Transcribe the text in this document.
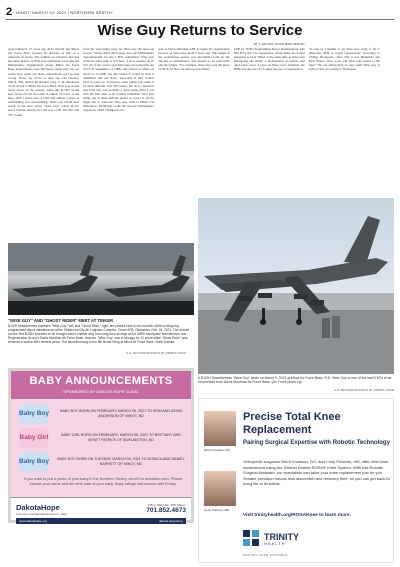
2 MINOT, MARCH 19, 2021 | NORTHERN SENTRY
Wise Guy Returns to Service
BY T. WILSON, NORTHERN SENTRY

Approximately 13 years ago B-52 60-034 left Minot Air Force Base, headed for Arizona as part of a reduction in forces. The rumbles of airframes that had the same destiny as Wise Guy numbered to become the Maintenance Organization group. Minot Air Force Base. Expectations were that these planes may not see active duty again, but those expectations were proven wrong. Never say never as they say. On Tuesday, March 16th, almost 40 minutes early of an announced 13:30 arrival at Minot Air Force Base, Wise Guy would touch down on the runway when this B-52H would have flown for the first time in almost 20 years, at the base. With a fresh coat of paint and almost 3 years of refurbishing and modernizing, Wise Guy would now enroll in the once active "Stew bars" where B-52's stood sentinel during the cold war of the late 60's and 70's. Aside

from the welcoming party for Wise Guy the area was secure. "Wing Chiefs McCoskey, now the Maintenance Superintendent for the 5 BW, remembers Wise Guy from the other time it was here. 'I have worked on B-52's all of my career' says McCoskey he joined the Air Force in September of 1988, and arrived at Minot on April 1st of 2000. For McCoskey, it would be hard to remember just one B-52, 'especially if they weren't hard to work on. You know, some planes just seem to be more difficult' says McCoskey, but he is convinced that Wise Guy was probably a 'good plane when it was here the first time' as he couldn't remember Wise Guy being one of those difficult planes to work on. On the flight line to welcome Wise Guy back to Minot was Matt Rose, Thompson of the 5th Aircraft Maintenance Squadron, Chief Thompson was

sent to Davis-Monthan AFB to begin the regeneration process on Wise Guy about 2 years ago. The length of the reclamation period was determined both by the amount of maintenance that needed to be performed and the budget. "For example, Wise Guy took the place of the B-52 that was destroyed at Tinker

AFB for TDM (Programmed Depot Maintenance). The first B-52 that was regenerated, Ghost Rider. Its closest happened to be at Tinker at the same time as Wise Guy undergoing the PDM, a maintenance procedure that takes place every 4 years. In Wise Guy's situation, the PDM was the end of a 3-stage process of regeneration.

"It took us 3 months to get Wise Guy ready to fly to Barksdale AFB to begin regeneration" according to CMSgt Thompson, "after that it was Barksdale and then Tinker." How soon will Wise Guy return to the fleet? 'We are anticipating 21 days until Wise Guy is back on line' according to Thompson.

A B-52H Stratofortress "Wise Guy" lands on March 9, 2021 at Minot Air Force Base, N.D. Wise Guy is one of the last B-52's to be resurrected from Davis-Monthan Air Force Base. (Air Force photo by)
U.S. AIR FORCE PHOTO BY CMSGT ANON
"WISE GUY" AND "GHOST RIDER" MEET AT TINKER
B-52H Stratofortress bombers "Wise Guy," left, and "Ghost Rider," right, are parked next to one another while undergoing programmed depot maintenance at the Oklahoma City Air Logistics Complex, Tinker AFB, Oklahoma, Feb. 26, 2021. The aircraft are the first B-52H bombers to be brought back to active duty from long-term storage at the 309th Aerospace Maintenance and Regeneration Group's Davis-Monthan Air Force Base, Arizona. "Wise Guy" was in storage for 10 years while "Ghost Rider" was returned to active after several years. The aircraft belong to the 5th Bomb Wing at Minot Air Force Base, North Dakota.
U.S. AIR FORCE PHOTO BY CMSGT ANON
BABY ANNOUNCEMENTS
SPONSORED BY DAKOTA HOPE CLINIC
Baby Boy	BABY BOY BORN ON FEBRUARY, MARCH 05, 2021 TO ERIN AND DEVIN ANDERSON OF MINOT, ND
Baby Girl	BABY GIRL BORN ON FEBRUARY, MARCH 06, 2021 TO BRITTANY AND WYATT PATRICK OF BURLINGTON, ND
Baby Boy	BABY BOY BORN ON TUESDAY, MARCH 09, 2021 TO JESSICA AND DANIEL BARRETT OF MINOT, ND
If you want to put a photo of your baby in the Northern Sentry, send it to minotdhc.com. Please include your name and the birth date of your baby. Baby ratings will resume with Friday.
DakotaHope
Free and Confidential Pregnancy Help
315 S. Main Ste. 205, Minot
701.852.4673
www.dakotahope.org	dakota.pregnancy
Brent Knudson, DO
Cody Pehrson, MD
Precise Total Knee Replacement
Pairing Surgical Expertise with Robotic Technology
Orthopedic surgeons Brent Knudson, DO, and Cody Pehrson, MD, offer total knee replacement using the Zimmer Biomet ROSA® Knee System. With this Robotic Surgical Assistant, our specialists can tailor your knee replacement just for you. Greater precision means less discomfort and recovery time, so you can get back to living life to its fullest.
Visit trinityhealth.org/ROSAKnee to learn more.
TRINITY
HEALTH
MAKING HOPE POSSIBLE
